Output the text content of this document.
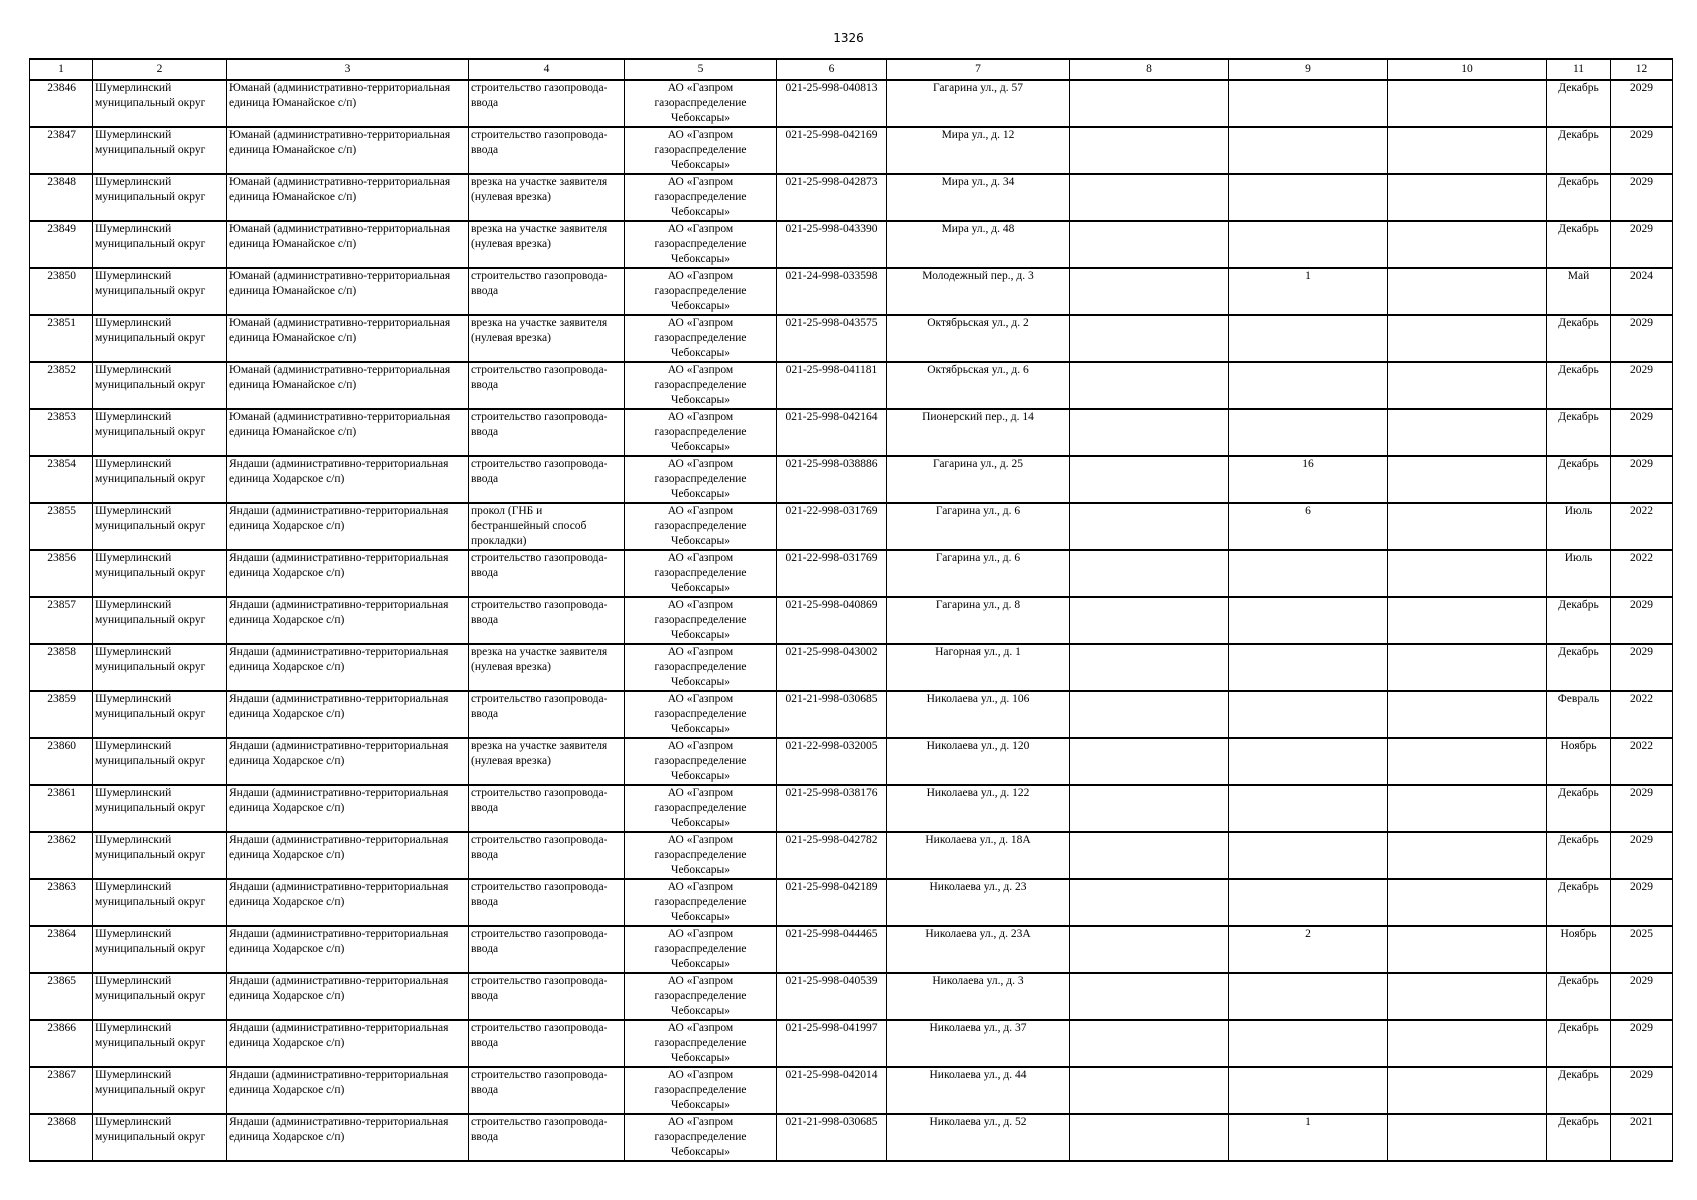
1326
1	2	3	4	5	6	7	8	9	10	11	12
23846	Шумерлинский муниципальный округ	Юманай (административно-территориальная единица Юманайское с/п)	строительство газопровода-ввода	АО «Газпром газораспределение Чебоксары»	021-25-998-040813	Гагарина ул., д. 57				Декабрь	2029
23847	Шумерлинский муниципальный округ	Юманай (административно-территориальная единица Юманайское с/п)	строительство газопровода-ввода	АО «Газпром газораспределение Чебоксары»	021-25-998-042169	Мира ул., д. 12				Декабрь	2029
23848	Шумерлинский муниципальный округ	Юманай (административно-территориальная единица Юманайское с/п)	врезка на участке заявителя (нулевая врезка)	АО «Газпром газораспределение Чебоксары»	021-25-998-042873	Мира ул., д. 34				Декабрь	2029
23849	Шумерлинский муниципальный округ	Юманай (административно-территориальная единица Юманайское с/п)	врезка на участке заявителя (нулевая врезка)	АО «Газпром газораспределение Чебоксары»	021-25-998-043390	Мира ул., д. 48				Декабрь	2029
23850	Шумерлинский муниципальный округ	Юманай (административно-территориальная единица Юманайское с/п)	строительство газопровода-ввода	АО «Газпром газораспределение Чебоксары»	021-24-998-033598	Молодежный пер., д. 3		1		Май	2024
23851	Шумерлинский муниципальный округ	Юманай (административно-территориальная единица Юманайское с/п)	врезка на участке заявителя (нулевая врезка)	АО «Газпром газораспределение Чебоксары»	021-25-998-043575	Октябрьская ул., д. 2				Декабрь	2029
23852	Шумерлинский муниципальный округ	Юманай (административно-территориальная единица Юманайское с/п)	строительство газопровода-ввода	АО «Газпром газораспределение Чебоксары»	021-25-998-041181	Октябрьская ул., д. 6				Декабрь	2029
23853	Шумерлинский муниципальный округ	Юманай (административно-территориальная единица Юманайское с/п)	строительство газопровода-ввода	АО «Газпром газораспределение Чебоксары»	021-25-998-042164	Пионерский пер., д. 14				Декабрь	2029
23854	Шумерлинский муниципальный округ	Яндаши (административно-территориальная единица Ходарское с/п)	строительство газопровода-ввода	АО «Газпром газораспределение Чебоксары»	021-25-998-038886	Гагарина ул., д. 25		16		Декабрь	2029
23855	Шумерлинский муниципальный округ	Яндаши (административно-территориальная единица Ходарское с/п)	прокол (ГНБ и бестраншейный способ прокладки)	АО «Газпром газораспределение Чебоксары»	021-22-998-031769	Гагарина ул., д. 6		6		Июль	2022
23856	Шумерлинский муниципальный округ	Яндаши (административно-территориальная единица Ходарское с/п)	строительство газопровода-ввода	АО «Газпром газораспределение Чебоксары»	021-22-998-031769	Гагарина ул., д. 6				Июль	2022
23857	Шумерлинский муниципальный округ	Яндаши (административно-территориальная единица Ходарское с/п)	строительство газопровода-ввода	АО «Газпром газораспределение Чебоксары»	021-25-998-040869	Гагарина ул., д. 8				Декабрь	2029
23858	Шумерлинский муниципальный округ	Яндаши (административно-территориальная единица Ходарское с/п)	врезка на участке заявителя (нулевая врезка)	АО «Газпром газораспределение Чебоксары»	021-25-998-043002	Нагорная ул., д. 1				Декабрь	2029
23859	Шумерлинский муниципальный округ	Яндаши (административно-территориальная единица Ходарское с/п)	строительство газопровода-ввода	АО «Газпром газораспределение Чебоксары»	021-21-998-030685	Николаева ул., д. 106				Февраль	2022
23860	Шумерлинский муниципальный округ	Яндаши (административно-территориальная единица Ходарское с/п)	врезка на участке заявителя (нулевая врезка)	АО «Газпром газораспределение Чебоксары»	021-22-998-032005	Николаева ул., д. 120				Ноябрь	2022
23861	Шумерлинский муниципальный округ	Яндаши (административно-территориальная единица Ходарское с/п)	строительство газопровода-ввода	АО «Газпром газораспределение Чебоксары»	021-25-998-038176	Николаева ул., д. 122				Декабрь	2029
23862	Шумерлинский муниципальный округ	Яндаши (административно-территориальная единица Ходарское с/п)	строительство газопровода-ввода	АО «Газпром газораспределение Чебоксары»	021-25-998-042782	Николаева ул., д. 18А				Декабрь	2029
23863	Шумерлинский муниципальный округ	Яндаши (административно-территориальная единица Ходарское с/п)	строительство газопровода-ввода	АО «Газпром газораспределение Чебоксары»	021-25-998-042189	Николаева ул., д. 23				Декабрь	2029
23864	Шумерлинский муниципальный округ	Яндаши (административно-территориальная единица Ходарское с/п)	строительство газопровода-ввода	АО «Газпром газораспределение Чебоксары»	021-25-998-044465	Николаева ул., д. 23А		2		Ноябрь	2025
23865	Шумерлинский муниципальный округ	Яндаши (административно-территориальная единица Ходарское с/п)	строительство газопровода-ввода	АО «Газпром газораспределение Чебоксары»	021-25-998-040539	Николаева ул., д. 3				Декабрь	2029
23866	Шумерлинский муниципальный округ	Яндаши (административно-территориальная единица Ходарское с/п)	строительство газопровода-ввода	АО «Газпром газораспределение Чебоксары»	021-25-998-041997	Николаева ул., д. 37				Декабрь	2029
23867	Шумерлинский муниципальный округ	Яндаши (административно-территориальная единица Ходарское с/п)	строительство газопровода-ввода	АО «Газпром газораспределение Чебоксары»	021-25-998-042014	Николаева ул., д. 44				Декабрь	2029
23868	Шумерлинский муниципальный округ	Яндаши (административно-территориальная единица Ходарское с/п)	строительство газопровода-ввода	АО «Газпром газораспределение Чебоксары»	021-21-998-030685	Николаева ул., д. 52		1		Декабрь	2021
